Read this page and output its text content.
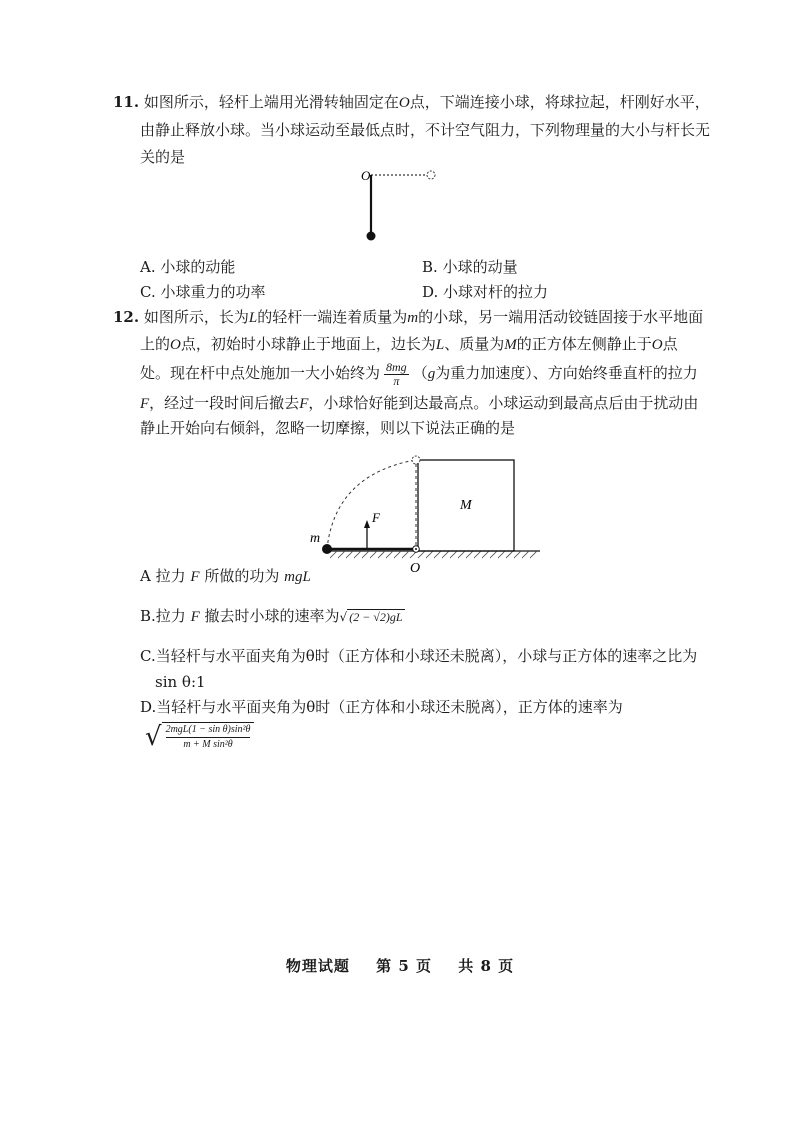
11. 如图所示，轻杆上端用光滑转轴固定在O点，下端连接小球，将球拉起，杆刚好水平，
由静止释放小球。当小球运动至最低点时，不计空气阻力，下列物理量的大小与杆长无
关的是
O
A. 小球的动能	B. 小球的动量
C. 小球重力的功率	D. 小球对杆的拉力
12. 如图所示，长为L的轻杆一端连着质量为m的小球，另一端用活动铰链固接于水平地面
上的O点，初始时小球静止于地面上，边长为L、质量为M的正方体左侧静止于O点
处。现在杆中点处施加一大小始终为 $\frac{8mg}{\pi} (g$为重力加速度）、方向始终垂直杆的拉力
F，经过一段时间后撤去F，小球恰好能到达最高点。小球运动到最高点后由于扰动由
静止开始向右倾斜，忽略一切摩擦，则以下说法正确的是
M
m
F
O
A 拉力 F 所做的功为 mgL
B.拉力 F 撤去时小球的速率为√ (2 − √2)gL
C.当轻杆与水平面夹角为θ时（正方体和小球还未脱离），小球与正方体的速率之比为
sin θ:1
D.当轻杆与水平面夹角为θ时（正方体和小球还未脱离），正方体的速率为
√ 2mgL(1 − sin θ)sin²θ
m + M sin²θ
物理试题 第 5 页 共 8 页
